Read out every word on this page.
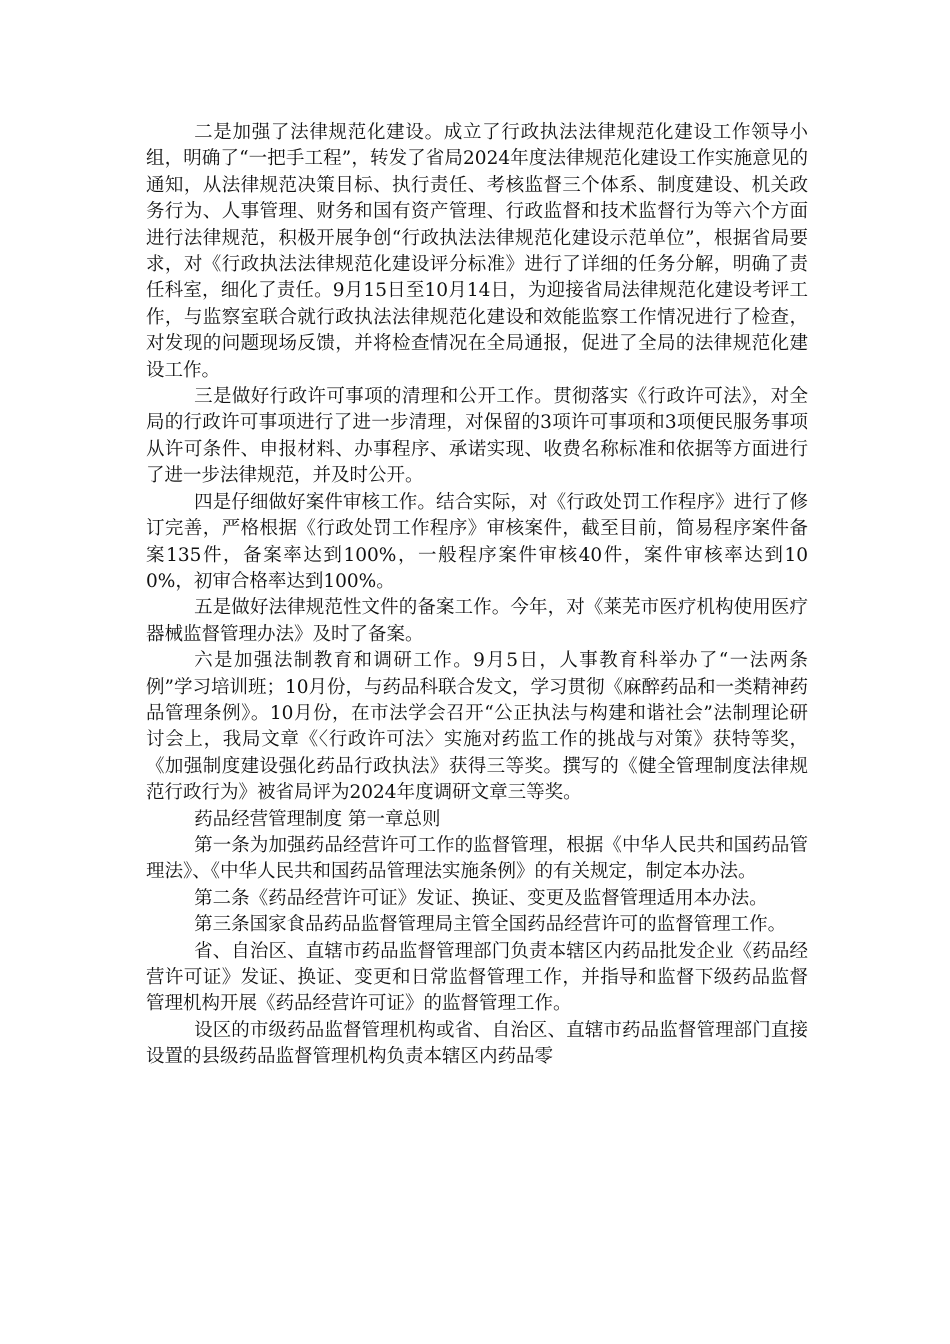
二是加强了法律规范化建设。成立了行政执法法律规范化建设工作领导小组，明确了“一把手工程”，转发了省局2024年度法律规范化建设工作实施意见的通知，从法律规范决策目标、执行责任、考核监督三个体系、制度建设、机关政务行为、人事管理、财务和国有资产管理、行政监督和技术监督行为等六个方面进行法律规范，积极开展争创“行政执法法律规范化建设示范单位”，根据省局要求，对《行政执法法律规范化建设评分标准》进行了详细的任务分解，明确了责任科室，细化了责任。9月15日至10月14日，为迎接省局法律规范化建设考评工作，与监察室联合就行政执法法律规范化建设和效能监察工作情况进行了检查，对发现的问题现场反馈，并将检查情况在全局通报，促进了全局的法律规范化建设工作。

三是做好行政许可事项的清理和公开工作。贯彻落实《行政许可法》，对全局的行政许可事项进行了进一步清理，对保留的3项许可事项和3项便民服务事项从许可条件、申报材料、办事程序、承诺实现、收费名称标准和依据等方面进行了进一步法律规范，并及时公开。

四是仔细做好案件审核工作。结合实际，对《行政处罚工作程序》进行了修订完善，严格根据《行政处罚工作程序》审核案件，截至目前，简易程序案件备案135件，备案率达到100%，一般程序案件审核40件，案件审核率达到100%，初审合格率达到100%。

五是做好法律规范性文件的备案工作。今年，对《莱芜市医疗机构使用医疗器械监督管理办法》及时了备案。

六是加强法制教育和调研工作。9月5日，人事教育科举办了“一法两条例”学习培训班；10月份，与药品科联合发文，学习贯彻《麻醉药品和一类精神药品管理条例》。10月份，在市法学会召开“公正执法与构建和谐社会”法制理论研讨会上，我局文章《〈行政许可法〉实施对药监工作的挑战与对策》获特等奖，《加强制度建设强化药品行政执法》获得三等奖。撰写的《健全管理制度法律规范行政行为》被省局评为2024年度调研文章三等奖。

药品经营管理制度 第一章总则

第一条为加强药品经营许可工作的监督管理，根据《中华人民共和国药品管理法》、《中华人民共和国药品管理法实施条例》的有关规定，制定本办法。

第二条《药品经营许可证》发证、换证、变更及监督管理适用本办法。

第三条国家食品药品监督管理局主管全国药品经营许可的监督管理工作。

省、自治区、直辖市药品监督管理部门负责本辖区内药品批发企业《药品经营许可证》发证、换证、变更和日常监督管理工作，并指导和监督下级药品监督管理机构开展《药品经营许可证》的监督管理工作。

设区的市级药品监督管理机构或省、自治区、直辖市药品监督管理部门直接设置的县级药品监督管理机构负责本辖区内药品零
